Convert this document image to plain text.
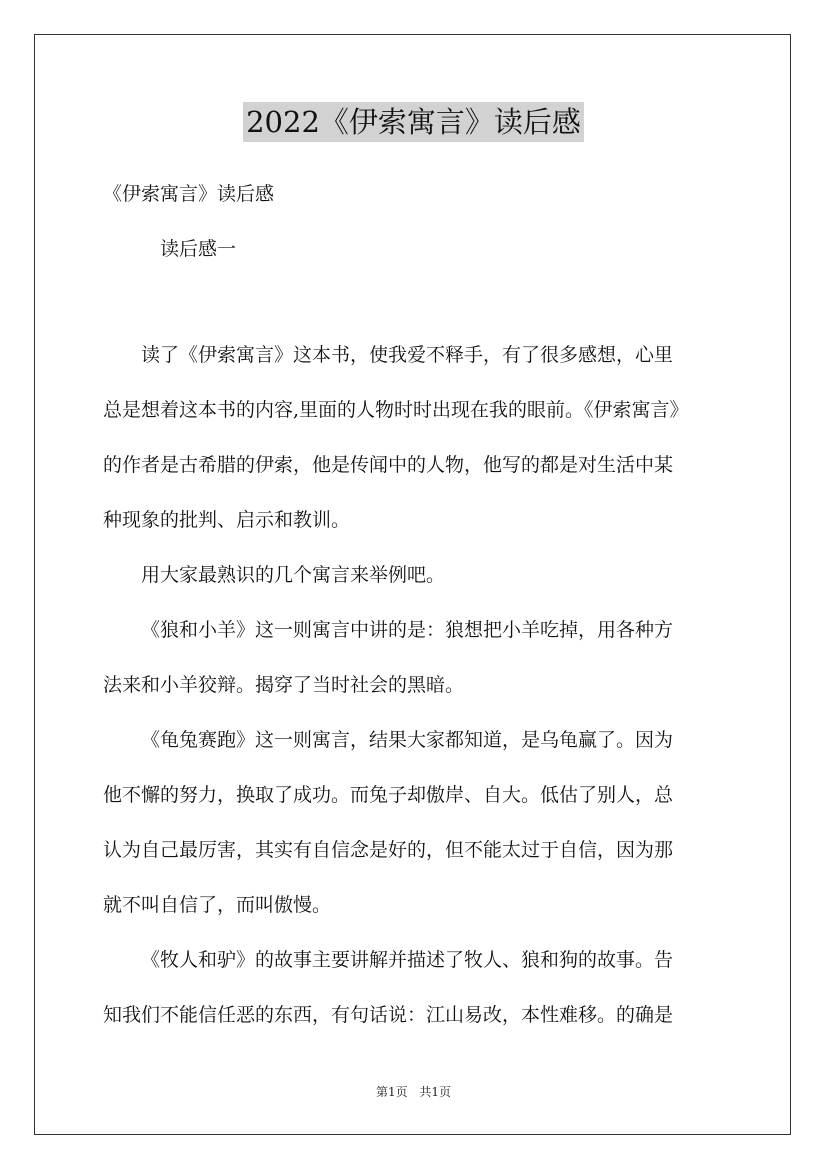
2022《伊索寓言》读后感
《伊索寓言》读后感
读后感一
读了《伊索寓言》这本书，使我爱不释手，有了很多感想，心里
总是想着这本书的内容,里面的人物时时出现在我的眼前。《伊索寓言》
的作者是古希腊的伊索，他是传闻中的人物，他写的都是对生活中某
种现象的批判、启示和教训。
用大家最熟识的几个寓言来举例吧。
《狼和小羊》这一则寓言中讲的是：狼想把小羊吃掉，用各种方
法来和小羊狡辩。揭穿了当时社会的黑暗。
《龟兔赛跑》这一则寓言，结果大家都知道，是乌龟赢了。因为
他不懈的努力，换取了成功。而兔子却傲岸、自大。低估了别人，总
认为自己最厉害，其实有自信念是好的，但不能太过于自信，因为那
就不叫自信了，而叫傲慢。
《牧人和驴》的故事主要讲解并描述了牧人、狼和狗的故事。告
知我们不能信任恶的东西，有句话说：江山易改，本性难移。的确是
第1页 共1页
